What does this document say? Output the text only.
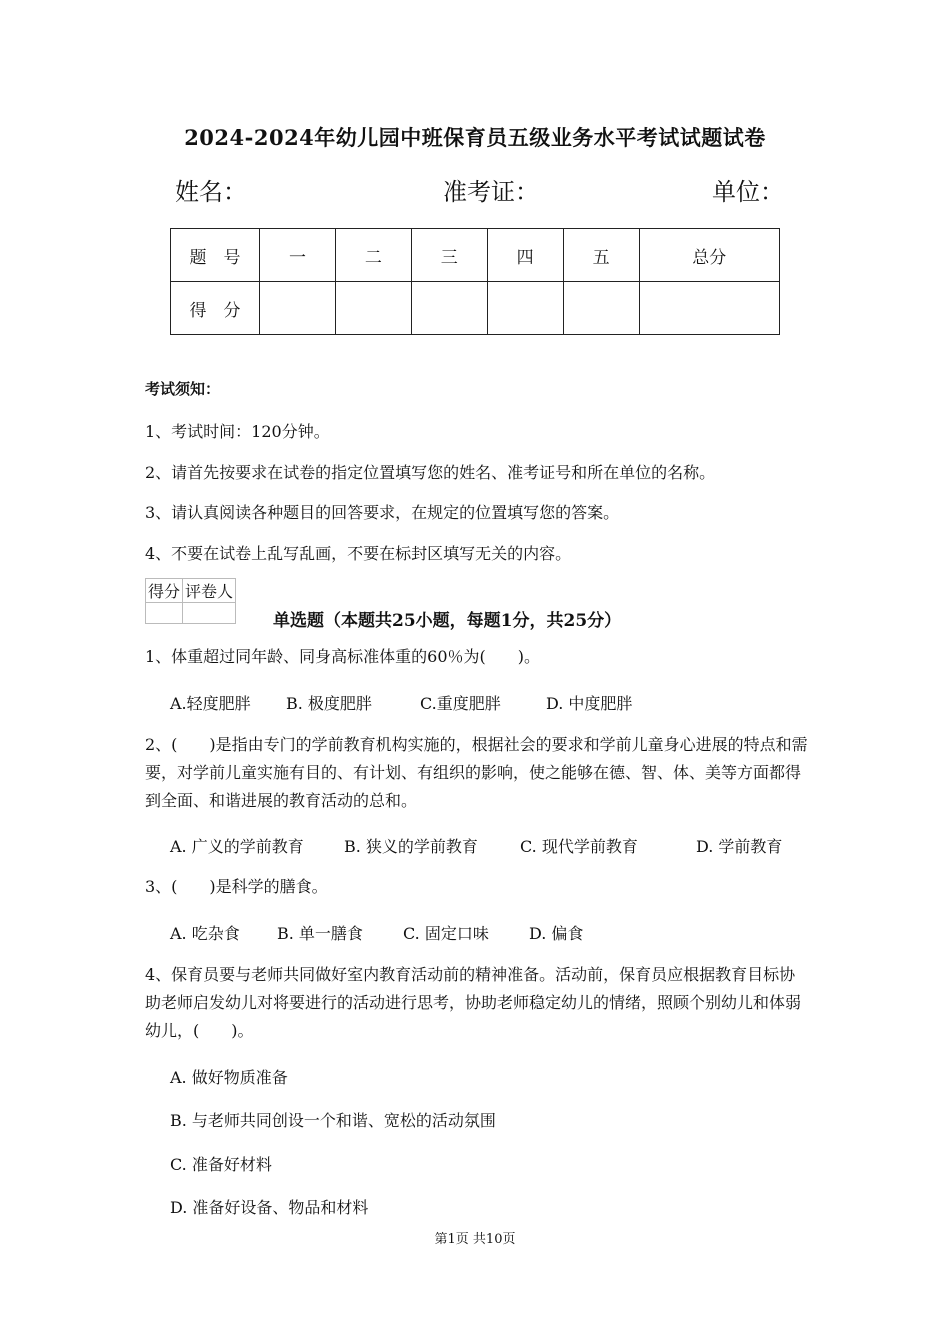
2024-2024年幼儿园中班保育员五级业务水平考试试题试卷
姓名：	准考证：	单位：
题　号	一	二	三	四	五	总分
得　分						
考试须知：
1、考试时间：120分钟。
2、请首先按要求在试卷的指定位置填写您的姓名、准考证号和所在单位的名称。
3、请认真阅读各种题目的回答要求，在规定的位置填写您的答案。
4、不要在试卷上乱写乱画，不要在标封区填写无关的内容。
得分	评卷人

单选题（本题共25小题，每题1分，共25分）
1、体重超过同年龄、同身高标准体重的60％为(　　)。
A.轻度肥胖 B. 极度肥胖	C.重度肥胖	D. 中度肥胖
2、(　　)是指由专门的学前教育机构实施的，根据社会的要求和学前儿童身心进展的特点和需要，对学前儿童实施有目的、有计划、有组织的影响，使之能够在德、智、体、美等方面都得到全面、和谐进展的教育活动的总和。
A. 广义的学前教育	B. 狭义的学前教育	C. 现代学前教育	D. 学前教育
3、(　　)是科学的膳食。
A. 吃杂食 B. 单一膳食	C. 固定口味	D. 偏食
4、保育员要与老师共同做好室内教育活动前的精神准备。活动前，保育员应根据教育目标协助老师启发幼儿对将要进行的活动进行思考，协助老师稳定幼儿的情绪，照顾个别幼儿和体弱幼儿，(　　)。
A. 做好物质准备
B. 与老师共同创设一个和谐、宽松的活动氛围
C. 准备好材料
D. 准备好设备、物品和材料
第1页 共10页
